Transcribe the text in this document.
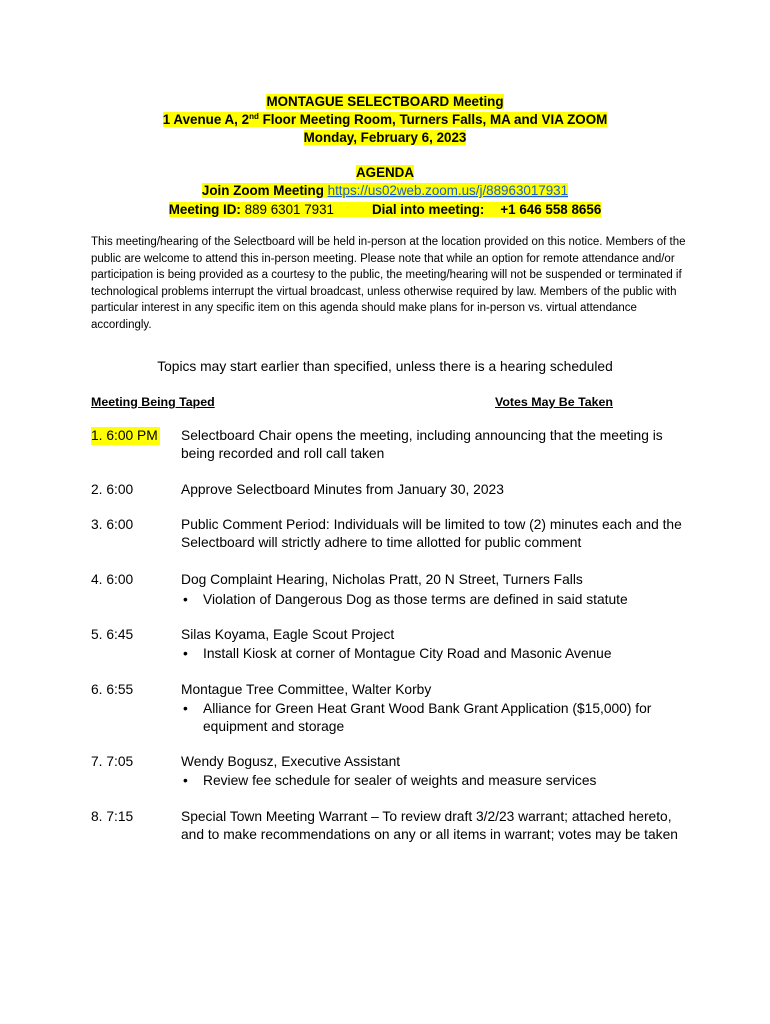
MONTAGUE SELECTBOARD Meeting
1 Avenue A, 2nd Floor Meeting Room, Turners Falls, MA and VIA ZOOM
Monday, February 6, 2023
AGENDA
Join Zoom Meeting https://us02web.zoom.us/j/88963017931
Meeting ID: 889 6301 7931	Dial into meeting: +1 646 558 8656

This meeting/hearing of the Selectboard will be held in-person at the location provided on this notice. Members of the public are welcome to attend this in-person meeting. Please note that while an option for remote attendance and/or participation is being provided as a courtesy to the public, the meeting/hearing will not be suspended or terminated if technological problems interrupt the virtual broadcast, unless otherwise required by law. Members of the public with particular interest in any specific item on this agenda should make plans for in-person vs. virtual attendance accordingly.

Topics may start earlier than specified, unless there is a hearing scheduled
Meeting Being Taped	Votes May Be Taken
1. 6:00 PM Selectboard Chair opens the meeting, including announcing that the meeting is being recorded and roll call taken
2. 6:00	Approve Selectboard Minutes from January 30, 2023
3. 6:00	Public Comment Period: Individuals will be limited to tow (2) minutes each and the Selectboard will strictly adhere to time allotted for public comment
4. 6:00	Dog Complaint Hearing, Nicholas Pratt, 20 N Street, Turners Falls
• Violation of Dangerous Dog as those terms are defined in said statute
5. 6:45	Silas Koyama, Eagle Scout Project
• Install Kiosk at corner of Montague City Road and Masonic Avenue
6. 6:55	Montague Tree Committee, Walter Korby
• Alliance for Green Heat Grant Wood Bank Grant Application ($15,000) for equipment and storage
7. 7:05	Wendy Bogusz, Executive Assistant
• Review fee schedule for sealer of weights and measure services
8. 7:15	Special Town Meeting Warrant – To review draft 3/2/23 warrant; attached hereto, and to make recommendations on any or all items in warrant; votes may be taken
